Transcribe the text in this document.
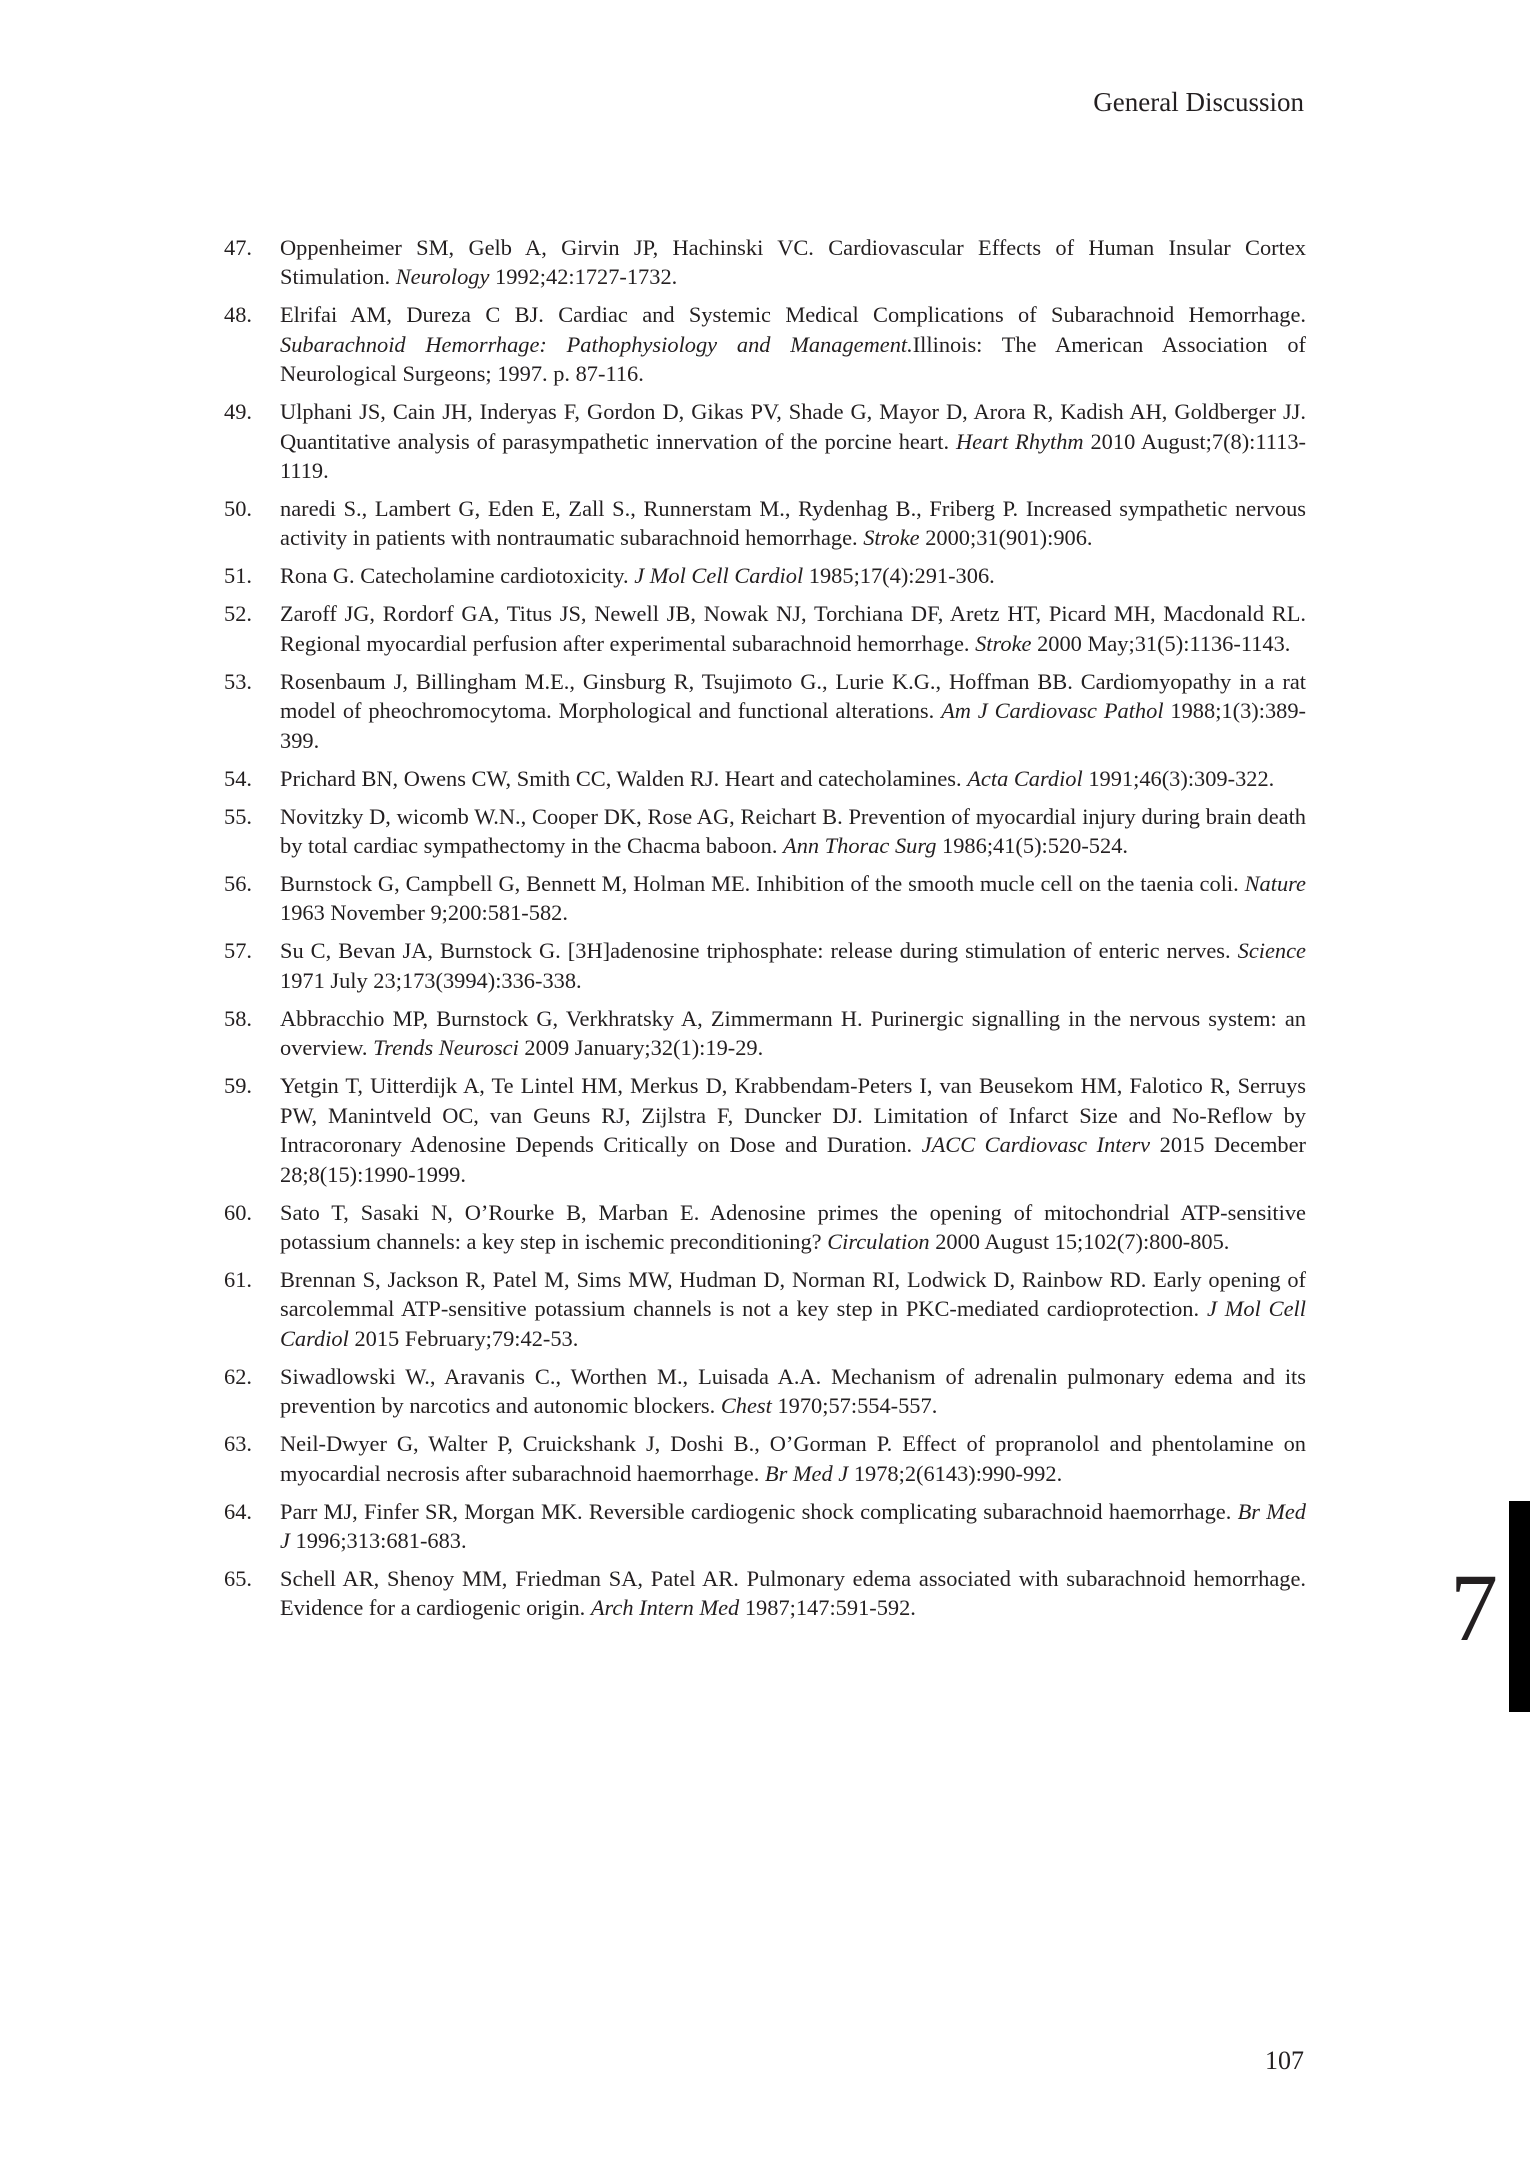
General Discussion
47.	Oppenheimer SM, Gelb A, Girvin JP, Hachinski VC. Cardiovascular Effects of Human Insular Cortex Stimulation. Neurology 1992;42:1727-1732.
48.	Elrifai AM, Dureza C BJ. Cardiac and Systemic Medical Complications of Subarachnoid Hemorrhage. Subarachnoid Hemorrhage: Pathophysiology and Management.Illinois: The American Association of Neurological Surgeons; 1997. p. 87-116.
49.	Ulphani JS, Cain JH, Inderyas F, Gordon D, Gikas PV, Shade G, Mayor D, Arora R, Kadish AH, Goldberger JJ. Quantitative analysis of parasympathetic innervation of the porcine heart. Heart Rhythm 2010 August;7(8):1113-1119.
50.	naredi S., Lambert G, Eden E, Zall S., Runnerstam M., Rydenhag B., Friberg P. Increased sympathetic nervous activity in patients with nontraumatic subarachnoid hemorrhage. Stroke 2000;31(901):906.
51.	Rona G. Catecholamine cardiotoxicity. J Mol Cell Cardiol 1985;17(4):291-306.
52.	Zaroff JG, Rordorf GA, Titus JS, Newell JB, Nowak NJ, Torchiana DF, Aretz HT, Picard MH, Macdonald RL. Regional myocardial perfusion after experimental subarachnoid hemorrhage. Stroke 2000 May;31(5):1136-1143.
53.	Rosenbaum J, Billingham M.E., Ginsburg R, Tsujimoto G., Lurie K.G., Hoffman BB. Cardiomyopathy in a rat model of pheochromocytoma. Morphological and functional alterations. Am J Cardiovasc Pathol 1988;1(3):389-399.
54.	Prichard BN, Owens CW, Smith CC, Walden RJ. Heart and catecholamines. Acta Cardiol 1991;46(3):309-322.
55.	Novitzky D, wicomb W.N., Cooper DK, Rose AG, Reichart B. Prevention of myocardial injury during brain death by total cardiac sympathectomy in the Chacma baboon. Ann Thorac Surg 1986;41(5):520-524.
56.	Burnstock G, Campbell G, Bennett M, Holman ME. Inhibition of the smooth mucle cell on the taenia coli. Nature 1963 November 9;200:581-582.
57.	Su C, Bevan JA, Burnstock G. [3H]adenosine triphosphate: release during stimulation of enteric nerves. Science 1971 July 23;173(3994):336-338.
58.	Abbracchio MP, Burnstock G, Verkhratsky A, Zimmermann H. Purinergic signalling in the nervous system: an overview. Trends Neurosci 2009 January;32(1):19-29.
59.	Yetgin T, Uitterdijk A, Te Lintel HM, Merkus D, Krabbendam-Peters I, van Beusekom HM, Falotico R, Serruys PW, Manintveld OC, van Geuns RJ, Zijlstra F, Duncker DJ. Limitation of Infarct Size and No-Reflow by Intracoronary Adenosine Depends Critically on Dose and Duration. JACC Cardiovasc Interv 2015 December 28;8(15):1990-1999.
60.	Sato T, Sasaki N, O’Rourke B, Marban E. Adenosine primes the opening of mitochondrial ATP-sensitive potassium channels: a key step in ischemic preconditioning? Circulation 2000 August 15;102(7):800-805.
61.	Brennan S, Jackson R, Patel M, Sims MW, Hudman D, Norman RI, Lodwick D, Rainbow RD. Early opening of sarcolemmal ATP-sensitive potassium channels is not a key step in PKC-mediated cardioprotection. J Mol Cell Cardiol 2015 February;79:42-53.
62.	Siwadlowski W., Aravanis C., Worthen M., Luisada A.A. Mechanism of adrenalin pulmonary edema and its prevention by narcotics and autonomic blockers. Chest 1970;57:554-557.
63.	Neil-Dwyer G, Walter P, Cruickshank J, Doshi B., O’Gorman P. Effect of propranolol and phentolamine on myocardial necrosis after subarachnoid haemorrhage. Br Med J 1978;2(6143):990-992.
64.	Parr MJ, Finfer SR, Morgan MK. Reversible cardiogenic shock complicating subarachnoid haemorrhage. Br Med J 1996;313:681-683.
65.	Schell AR, Shenoy MM, Friedman SA, Patel AR. Pulmonary edema associated with subarachnoid hemorrhage. Evidence for a cardiogenic origin. Arch Intern Med 1987;147:591-592.	7
107
